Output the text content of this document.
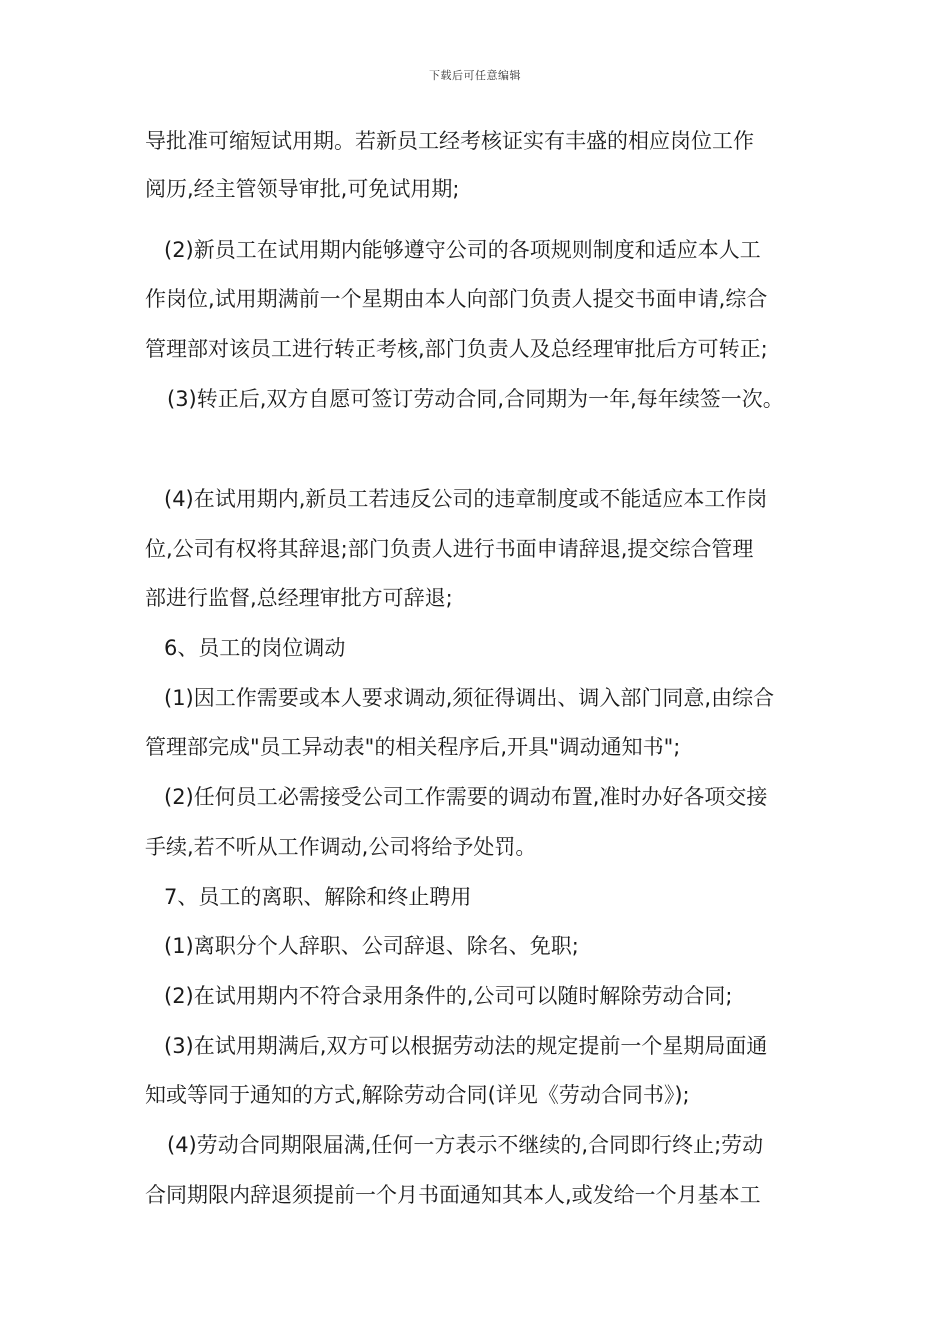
下载后可任意编辑
导批准可缩短试用期。若新员工经考核证实有丰盛的相应岗位工作
阅历,经主管领导审批,可免试用期;
(2)新员工在试用期内能够遵守公司的各项规则制度和适应本人工
作岗位,试用期满前一个星期由本人向部门负责人提交书面申请,综合
管理部对该员工进行转正考核,部门负责人及总经理审批后方可转正;
(3)转正后,双方自愿可签订劳动合同,合同期为一年,每年续签一次。
(4)在试用期内,新员工若违反公司的违章制度或不能适应本工作岗
位,公司有权将其辞退;部门负责人进行书面申请辞退,提交综合管理
部进行监督,总经理审批方可辞退;
6、员工的岗位调动
(1)因工作需要或本人要求调动,须征得调出、调入部门同意,由综合
管理部完成"员工异动表"的相关程序后,开具"调动通知书";
(2)任何员工必需接受公司工作需要的调动布置,准时办好各项交接
手续,若不听从工作调动,公司将给予处罚。
7、员工的离职、解除和终止聘用
(1)离职分个人辞职、公司辞退、除名、免职;
(2)在试用期内不符合录用条件的,公司可以随时解除劳动合同;
(3)在试用期满后,双方可以根据劳动法的规定提前一个星期局面通
知或等同于通知的方式,解除劳动合同(详见《劳动合同书》);
(4)劳动合同期限届满,任何一方表示不继续的,合同即行终止;劳动
合同期限内辞退须提前一个月书面通知其本人,或发给一个月基本工
